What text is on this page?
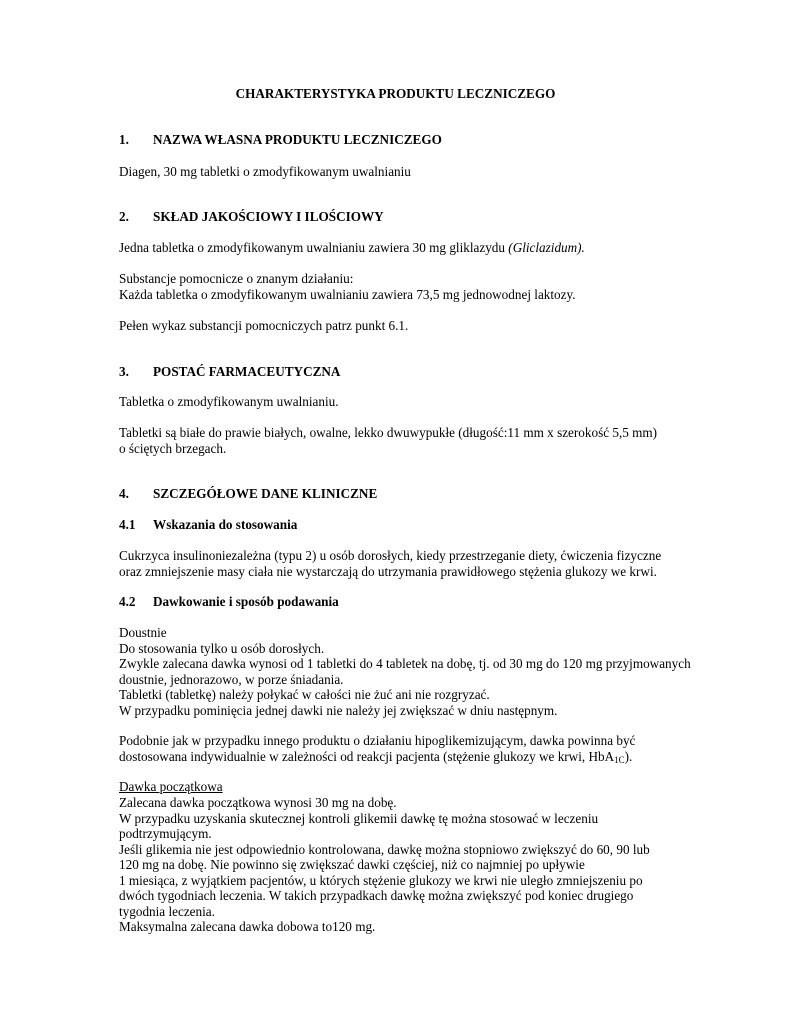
CHARAKTERYSTYKA PRODUKTU LECZNICZEGO
1. NAZWA WŁASNA PRODUKTU LECZNICZEGO
Diagen, 30 mg tabletki o zmodyfikowanym uwalnianiu
2. SKŁAD JAKOŚCIOWY I ILOŚCIOWY
Jedna tabletka o zmodyfikowanym uwalnianiu zawiera 30 mg gliklazydu (Gliclazidum).
Substancje pomocnicze o znanym działaniu:
Każda tabletka o zmodyfikowanym uwalnianiu zawiera 73,5 mg jednowodnej laktozy.
Pełen wykaz substancji pomocniczych patrz punkt 6.1.
3. POSTAĆ FARMACEUTYCZNA
Tabletka o zmodyfikowanym uwalnianiu.
Tabletki są białe do prawie białych, owalne, lekko dwuwypukłe (długość:11 mm x szerokość 5,5 mm)
o ściętych brzegach.
4. SZCZEGÓŁOWE DANE KLINICZNE
4.1 Wskazania do stosowania
Cukrzyca insulinoniezależna (typu 2) u osób dorosłych, kiedy przestrzeganie diety, ćwiczenia fizyczne
oraz zmniejszenie masy ciała nie wystarczają do utrzymania prawidłowego stężenia glukozy we krwi.
4.2 Dawkowanie i sposób podawania
Doustnie
Do stosowania tylko u osób dorosłych.
Zwykle zalecana dawka wynosi od 1 tabletki do 4 tabletek na dobę, tj. od 30 mg do 120 mg przyjmowanych
doustnie, jednorazowo, w porze śniadania.
Tabletki (tabletkę) należy połykać w całości nie żuć ani nie rozgryzać.
W przypadku pominięcia jednej dawki nie należy jej zwiększać w dniu następnym.
Podobnie jak w przypadku innego produktu o działaniu hipoglikemizującym, dawka powinna być
dostosowana indywidualnie w zależności od reakcji pacjenta (stężenie glukozy we krwi, HbA$_{1C}$).
Dawka początkowa
Zalecana dawka początkowa wynosi 30 mg na dobę.
W przypadku uzyskania skutecznej kontroli glikemii dawkę tę można stosować w leczeniu
podtrzymującym.
Jeśli glikemia nie jest odpowiednio kontrolowana, dawkę można stopniowo zwiększyć do 60, 90 lub
120 mg na dobę. Nie powinno się zwiększać dawki częściej, niż co najmniej po upływie
1 miesiąca, z wyjątkiem pacjentów, u których stężenie glukozy we krwi nie uległo zmniejszeniu po
dwóch tygodniach leczenia. W takich przypadkach dawkę można zwiększyć pod koniec drugiego
tygodnia leczenia.
Maksymalna zalecana dawka dobowa to120 mg.
